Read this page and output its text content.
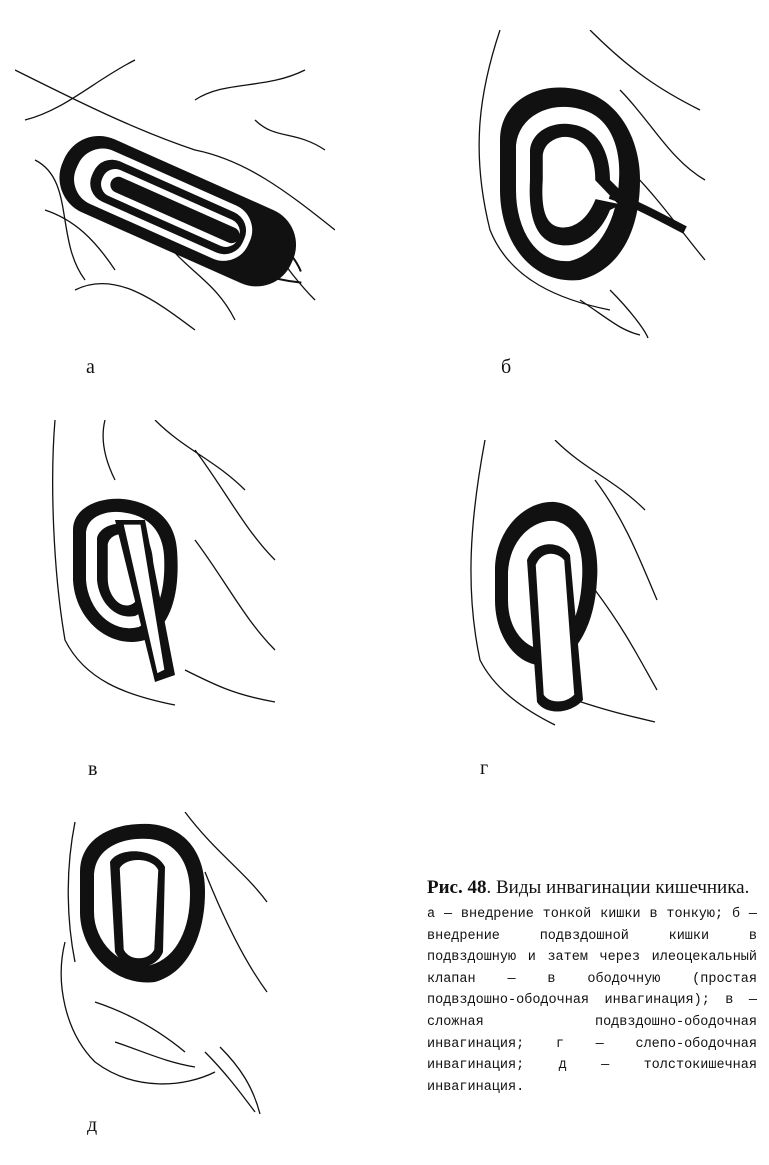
а	б
в	г
д

Рис. 48. Виды инвагинации кишечника.

а — внедрение тонкой кишки в тонкую; б — внедрение подвздошной кишки в подвздошную и затем через илеоцекальный клапан — в ободочную (простая подвздошно-ободочная инвагинация); в — сложная подвздошно-ободочная инвагинация; г — слепо-ободочная инвагинация; д — толстокишечная инвагинация.
